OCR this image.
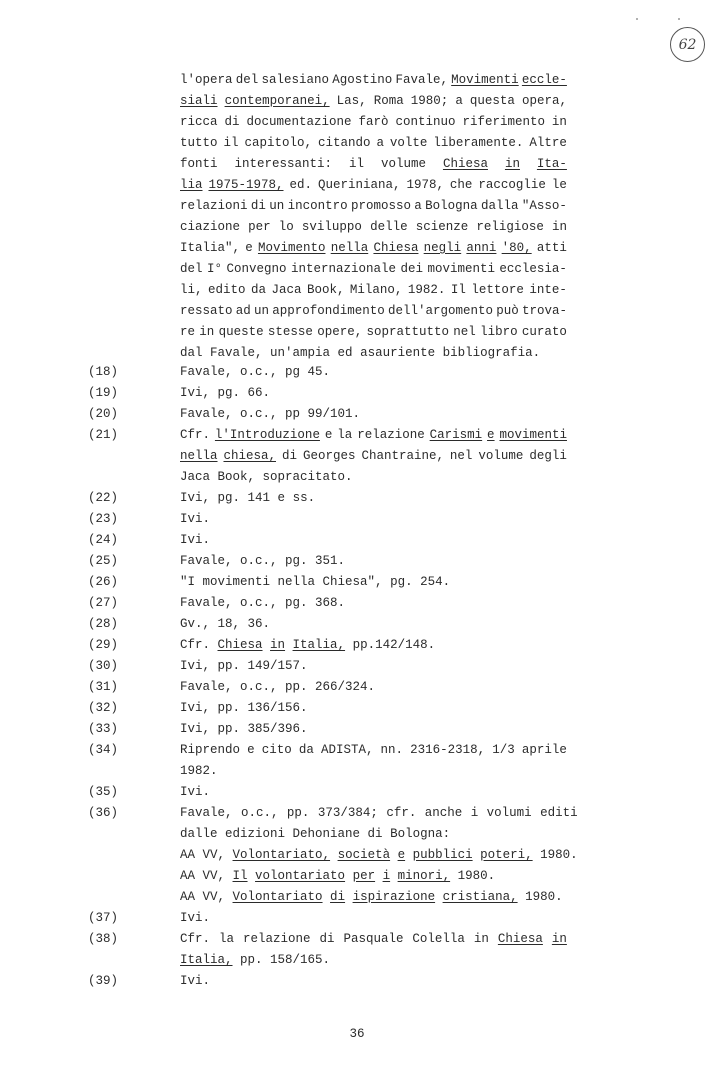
62
l'opera del salesiano Agostino Favale, Movimenti eccle-
siali contemporanei, Las, Roma 1980; a questa opera,
ricca di documentazione farò continuo riferimento in
tutto il capitolo, citando a volte liberamente. Altre
fonti interessanti: il volume Chiesa in Ita-
lia 1975-1978, ed. Queriniana, 1978, che raccoglie le
relazioni di un incontro promosso a Bologna dalla "Asso-
ciazione per lo sviluppo delle scienze religiose in
Italia", e Movimento nella Chiesa negli anni '80, atti
del I° Convegno internazionale dei movimenti ecclesia-
li, edito da Jaca Book, Milano, 1982. Il lettore inte-
ressato ad un approfondimento dell'argomento può trova-
re in queste stesse opere, soprattutto nel libro curato
dal Favale, un'ampia ed asauriente bibliografia.
(18)	Favale, o.c., pg 45.
(19)	Ivi, pg. 66.
(20)	Favale, o.c., pp 99/101.
(21)	Cfr. l'Introduzione e la relazione Carismi e movimenti
nella chiesa, di Georges Chantraine, nel volume degli
Jaca Book, sopracitato.
(22)	Ivi, pg. 141 e ss.
(23)	Ivi.
(24)	Ivi.
(25)	Favale, o.c., pg. 351.
(26)	"I movimenti nella Chiesa", pg. 254.
(27)	Favale, o.c., pg. 368.
(28)	Gv., 18, 36.
(29)	Cfr. Chiesa in Italia, pp.142/148.
(30)	Ivi, pp. 149/157.
(31)	Favale, o.c., pp. 266/324.
(32)	Ivi, pp. 136/156.
(33)	Ivi, pp. 385/396.
(34)	Riprendo e cito da ADISTA, nn. 2316-2318, 1/3 aprile
1982.
(35)	Ivi.
(36)	Favale, o.c., pp. 373/384; cfr. anche i volumi editi
dalle edizioni Dehoniane di Bologna:
AA VV, Volontariato, società e pubblici poteri, 1980.
AA VV, Il volontariato per i minori, 1980.
AA VV, Volontariato di ispirazione cristiana, 1980.
(37)	Ivi.
(38)	Cfr. la relazione di Pasquale Colella in Chiesa in
Italia, pp. 158/165.
(39)	Ivi.
36
